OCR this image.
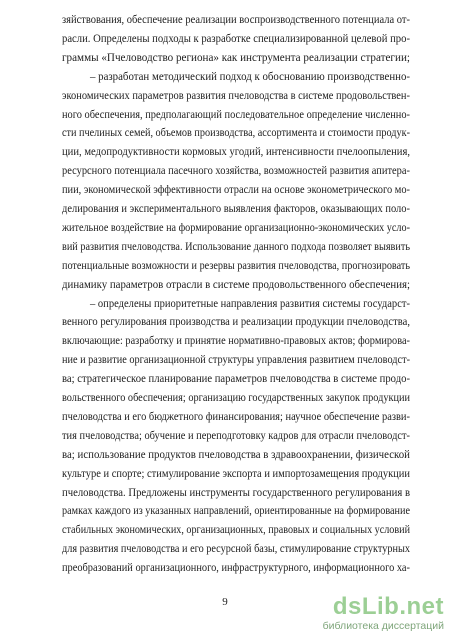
зяйствования, обеспечение реализации воспроизводственного потенциала от-
расли. Определены подходы к разработке специализированной целевой про-
граммы «Пчеловодство региона» как инструмента реализации стратегии;
– разработан методический подход к обоснованию производственно-
экономических параметров развития пчеловодства в системе продовольствен-
ного обеспечения, предполагающий последовательное определение численно-
сти пчелиных семей, объемов производства, ассортимента и стоимости продук-
ции, медопродуктивности кормовых угодий, интенсивности пчелоопыления,
ресурсного потенциала пасечного хозяйства, возможностей развития апитера-
пии, экономической эффективности отрасли на основе эконометрического мо-
делирования и экспериментального выявления факторов, оказывающих поло-
жительное воздействие на формирование организационно-экономических усло-
вий развития пчеловодства. Использование данного подхода позволяет выявить
потенциальные возможности и резервы развития пчеловодства, прогнозировать
динамику параметров отрасли в системе продовольственного обеспечения;
– определены приоритетные направления развития системы государст-
венного регулирования производства и реализации продукции пчеловодства,
включающие: разработку и принятие нормативно-правовых актов; формирова-
ние и развитие организационной структуры управления развитием пчеловодст-
ва; стратегическое планирование параметров пчеловодства в системе продо-
вольственного обеспечения; организацию государственных закупок продукции
пчеловодства и его бюджетного финансирования; научное обеспечение разви-
тия пчеловодства; обучение и переподготовку кадров для отрасли пчеловодст-
ва; использование продуктов пчеловодства в здравоохранении, физической
культуре и спорте; стимулирование экспорта и импортозамещения продукции
пчеловодства. Предложены инструменты государственного регулирования в
рамках каждого из указанных направлений, ориентированные на формирование
стабильных экономических, организационных, правовых и социальных условий
для развития пчеловодства и его ресурсной базы, стимулирование структурных
преобразований организационного, инфраструктурного, информационного ха-
9	dsLib.net
библиотека диссертаций
